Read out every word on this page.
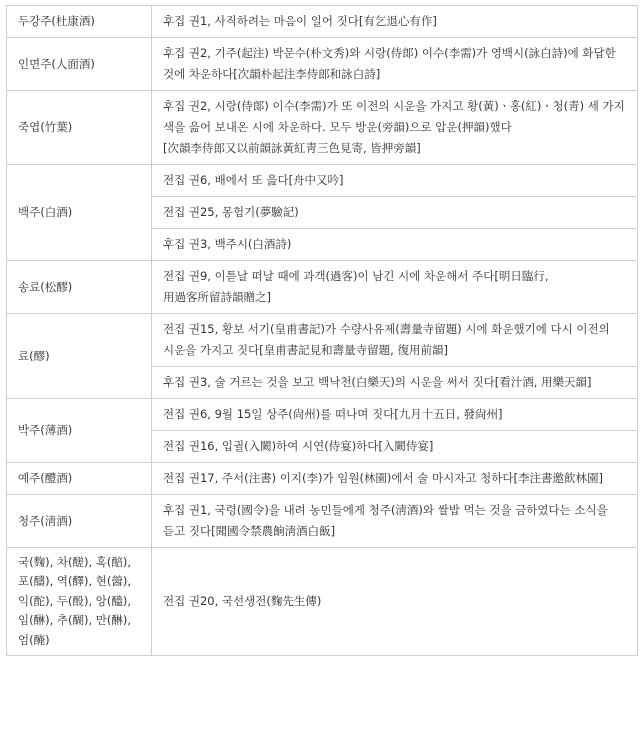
두강주(杜康酒)	후집 권1, 사직하려는 마음이 일어 짓다[有乞退心有作]
인면주(人面酒)	후집 권2, 기주(起注) 박문수(朴文秀)와 시랑(侍郞) 이수(李需)가 영백시(詠白詩)에 화답한 것에 차운하다[次韻朴起注李侍郎和詠白詩]
죽엽(竹葉)	후집 권2, 시랑(侍郞) 이수(李需)가 또 이전의 시운을 가지고 황(黃)ㆍ홍(紅)ㆍ청(靑) 세 가지 색을 읊어 보내온 시에 차운하다. 모두 방운(旁韻)으로 압운(押韻)했다[次韻李侍郎又以前韻詠黃紅靑三色見寄, 皆押旁韻]
백주(白酒)	전집 권6, 배에서 또 읊다[舟中又吟]
	전집 권25, 몽험기(夢驗記)
	후집 권3, 백주시(白酒詩)
송료(松醪)	전집 권9, 이튿날 떠날 때에 과객(過客)이 남긴 시에 차운해서 주다[明日臨行, 用過客所留詩韻贈之]
료(醪)	전집 권15, 황보 서기(皇甫書記)가 수량사유제(壽量寺留題) 시에 화운했기에 다시 이전의 시운을 가지고 짓다[皇甫書記見和壽量寺留題, 復用前韻]
	후집 권3, 술 거르는 것을 보고 백낙천(白樂天)의 시운을 써서 짓다[看汁酒, 用樂天韻]
박주(薄酒)	전집 권6, 9월 15일 상주(尙州)를 떠나며 짓다[九月十五日, 發尙州]
	전집 권16, 입궐(入闕)하여 시연(侍宴)하다[入闕侍宴]
예주(醴酒)	전집 권17, 주서(注書) 이지(李)가 임원(林園)에서 술 마시자고 청하다[李注書邀飮林園]
청주(淸酒)	후집 권1, 국령(國令)을 내려 농민들에게 청주(淸酒)와 쌀밥 먹는 것을 금하였다는 소식을 듣고 짓다[聞國令禁農餉淸酒白飯]
국(麴), 차(醝), 혹(醅), 포(醻), 역(醳), 현(醟), 익(酡), 두(酘), 앙(醠), 임(醂), 추(醐), 만(醂), 엄(醃)	전집 권20, 국선생전(麴先生傳)
